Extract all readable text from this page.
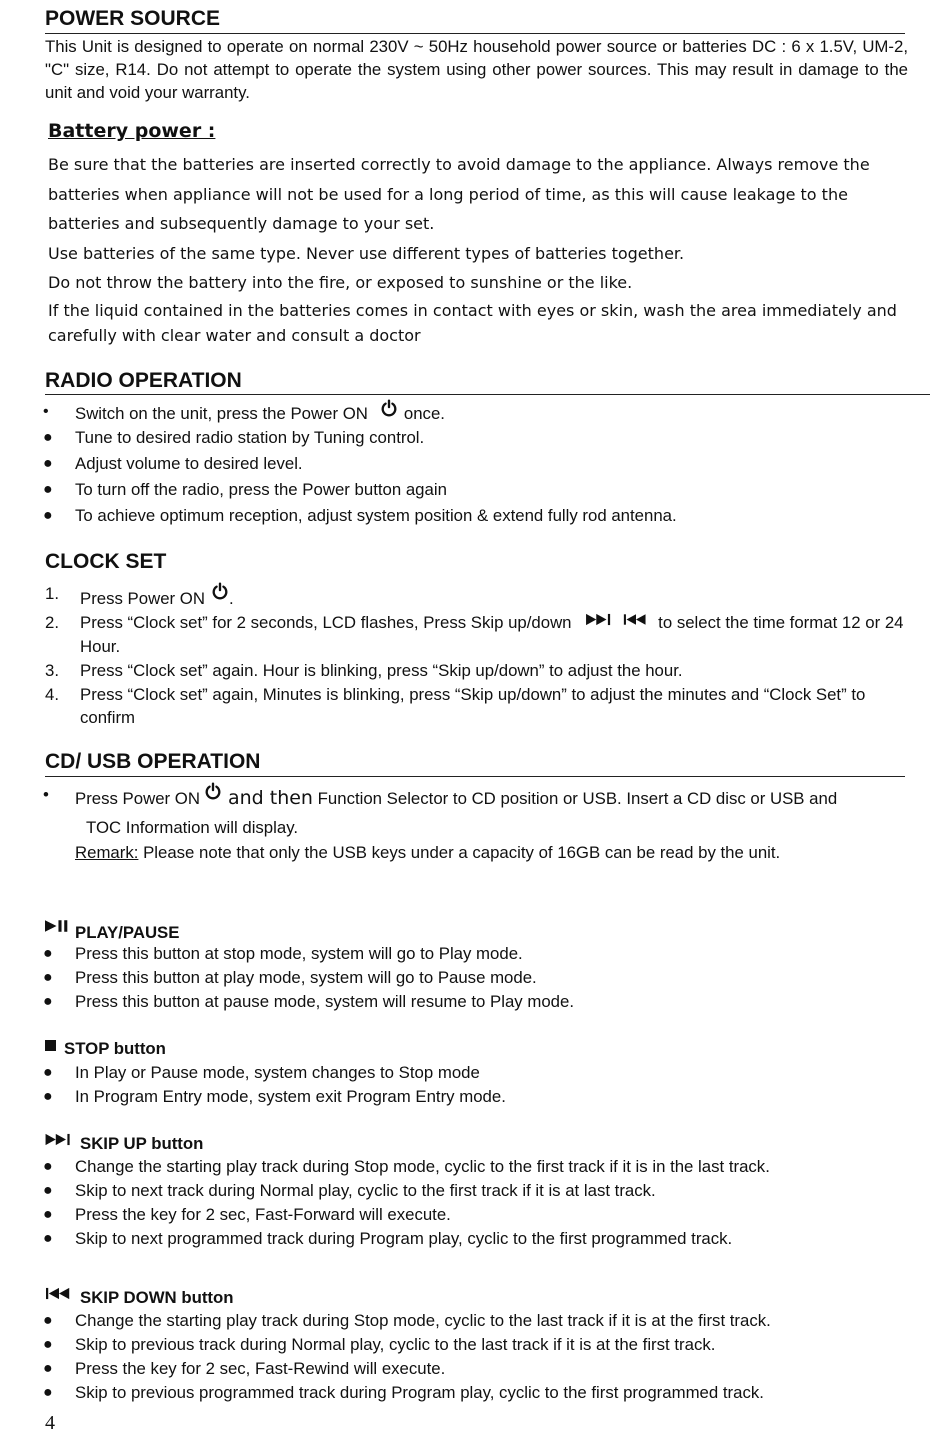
POWER SOURCE
This Unit is designed to operate on normal 230V ~ 50Hz household power source or batteries DC : 6 x 1.5V, UM-2, "C" size, R14. Do not attempt to operate the system using other power sources. This may result in damage to the unit and void your warranty.
Battery power :

Be sure that the batteries are inserted correctly to avoid damage to the appliance. Always remove the batteries when appliance will not be used for a long period of time, as this will cause leakage to the batteries and subsequently damage to your set.

Use batteries of the same type. Never use different types of batteries together.

Do not throw the battery into the fire, or exposed to sunshine or the like.

If the liquid contained in the batteries comes in contact with eyes or skin, wash the area immediately and carefully with clear water and consult a doctor

RADIO OPERATION
• Switch on the unit, press the Power ON once.
● Tune to desired radio station by Tuning control.
● Adjust volume to desired level.
● To turn off the radio, press the Power button again
● To achieve optimum reception, adjust system position & extend fully rod antenna.
CLOCK SET
1. Press Power ON .
2. Press “Clock set” for 2 seconds, LCD flashes, Press Skip up/down	to select the time format 12 or 24 Hour.
3. Press “Clock set” again. Hour is blinking, press “Skip up/down” to adjust the hour.
4. Press “Clock set” again, Minutes is blinking, press “Skip up/down” to adjust the minutes and “Clock Set” to confirm
CD/ USB OPERATION
• Press Power ON and then Function Selector to CD position or USB. Insert a CD disc or USB and
TOC Information will display.
Remark: Please note that only the USB keys under a capacity of 16GB can be read by the unit.
PLAY/PAUSE
● Press this button at stop mode, system will go to Play mode.
● Press this button at play mode, system will go to Pause mode.
● Press this button at pause mode, system will resume to Play mode.
STOP button
● In Play or Pause mode, system changes to Stop mode
● In Program Entry mode, system exit Program Entry mode.
SKIP UP button
● Change the starting play track during Stop mode, cyclic to the first track if it is in the last track.
● Skip to next track during Normal play, cyclic to the first track if it is at last track.
● Press the key for 2 sec, Fast-Forward will execute.
● Skip to next programmed track during Program play, cyclic to the first programmed track.
SKIP DOWN button
● Change the starting play track during Stop mode, cyclic to the last track if it is at the first track.
● Skip to previous track during Normal play, cyclic to the last track if it is at the first track.
● Press the key for 2 sec, Fast-Rewind will execute.
● Skip to previous programmed track during Program play, cyclic to the first programmed track.
4
